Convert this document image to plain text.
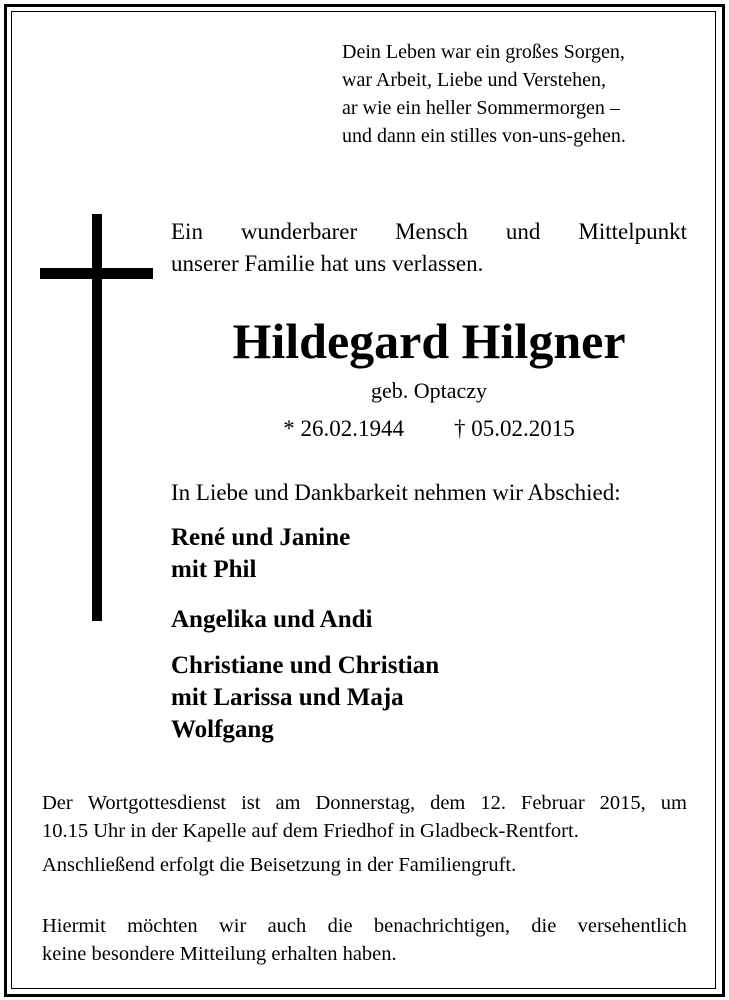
Dein Leben war ein großes Sorgen,
war Arbeit, Liebe und Verstehen,
ar wie ein heller Sommermorgen –
und dann ein stilles von-uns-gehen.
Ein wunderbarer Mensch und Mittelpunkt
unserer Familie hat uns verlassen.
Hildegard Hilgner
geb. Optaczy
* 26.02.1944 † 05.02.2015
In Liebe und Dankbarkeit nehmen wir Abschied:
René und Janine
mit Phil
Angelika und Andi
Christiane und Christian
mit Larissa und Maja
Wolfgang
Der Wortgottesdienst ist am Donnerstag, dem 12. Februar 2015, um
10.15 Uhr in der Kapelle auf dem Friedhof in Gladbeck-Rentfort.
Anschließend erfolgt die Beisetzung in der Familiengruft.
Hiermit möchten wir auch die benachrichtigen, die versehentlich
keine besondere Mitteilung erhalten haben.
